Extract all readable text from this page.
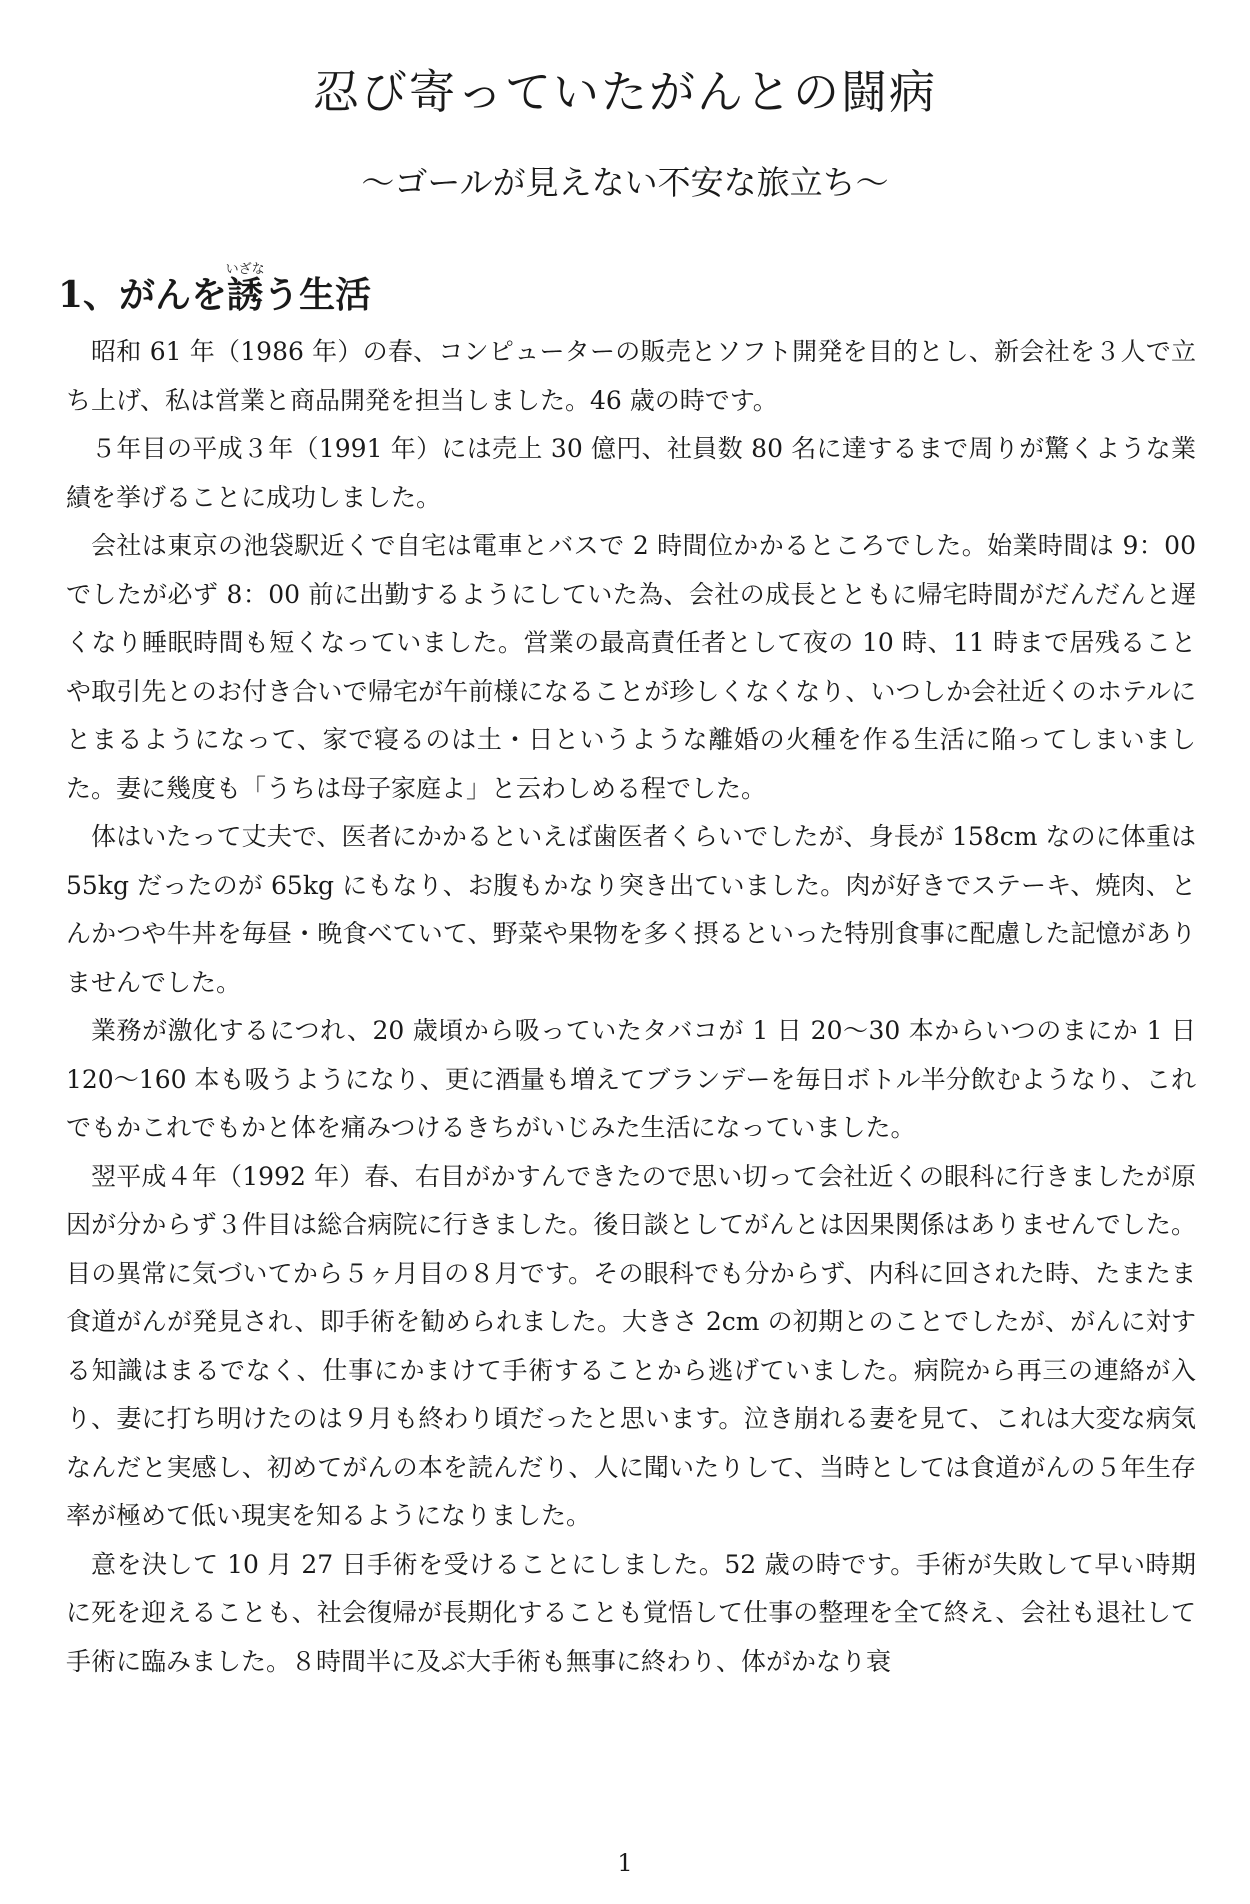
忍び寄っていたがんとの闘病
～ゴールが見えない不安な旅立ち～
1、がんを誘いざなう生活

昭和 61 年（1986 年）の春、コンピューターの販売とソフト開発を目的とし、新会社を３人で立ち上げ、私は営業と商品開発を担当しました。46 歳の時です。

５年目の平成３年（1991 年）には売上 30 億円、社員数 80 名に達するまで周りが驚くような業績を挙げることに成功しました。

会社は東京の池袋駅近くで自宅は電車とバスで 2 時間位かかるところでした。始業時間は 9：00 でしたが必ず 8：00 前に出勤するようにしていた為、会社の成長とともに帰宅時間がだんだんと遅くなり睡眠時間も短くなっていました。営業の最高責任者として夜の 10 時、11 時まで居残ることや取引先とのお付き合いで帰宅が午前様になることが珍しくなくなり、いつしか会社近くのホテルにとまるようになって、家で寝るのは土・日というような離婚の火種を作る生活に陥ってしまいました。妻に幾度も「うちは母子家庭よ」と云わしめる程でした。

体はいたって丈夫で、医者にかかるといえば歯医者くらいでしたが、身長が 158cm なのに体重は 55kg だったのが 65kg にもなり、お腹もかなり突き出ていました。肉が好きでステーキ、焼肉、とんかつや牛丼を毎昼・晩食べていて、野菜や果物を多く摂るといった特別食事に配慮した記憶がありませんでした。

業務が激化するにつれ、20 歳頃から吸っていたタバコが 1 日 20～30 本からいつのまにか 1 日 120～160 本も吸うようになり、更に酒量も増えてブランデーを毎日ボトル半分飲むようなり、これでもかこれでもかと体を痛みつけるきちがいじみた生活になっていました。

翌平成４年（1992 年）春、右目がかすんできたので思い切って会社近くの眼科に行きましたが原因が分からず３件目は総合病院に行きました。後日談としてがんとは因果関係はありませんでした。目の異常に気づいてから５ヶ月目の８月です。その眼科でも分からず、内科に回された時、たまたま食道がんが発見され、即手術を勧められました。大きさ 2cm の初期とのことでしたが、がんに対する知識はまるでなく、仕事にかまけて手術することから逃げていました。病院から再三の連絡が入り、妻に打ち明けたのは９月も終わり頃だったと思います。泣き崩れる妻を見て、これは大変な病気なんだと実感し、初めてがんの本を読んだり、人に聞いたりして、当時としては食道がんの５年生存率が極めて低い現実を知るようになりました。

意を決して 10 月 27 日手術を受けることにしました。52 歳の時です。手術が失敗して早い時期に死を迎えることも、社会復帰が長期化することも覚悟して仕事の整理を全て終え、会社も退社して手術に臨みました。８時間半に及ぶ大手術も無事に終わり、体がかなり衰

1
